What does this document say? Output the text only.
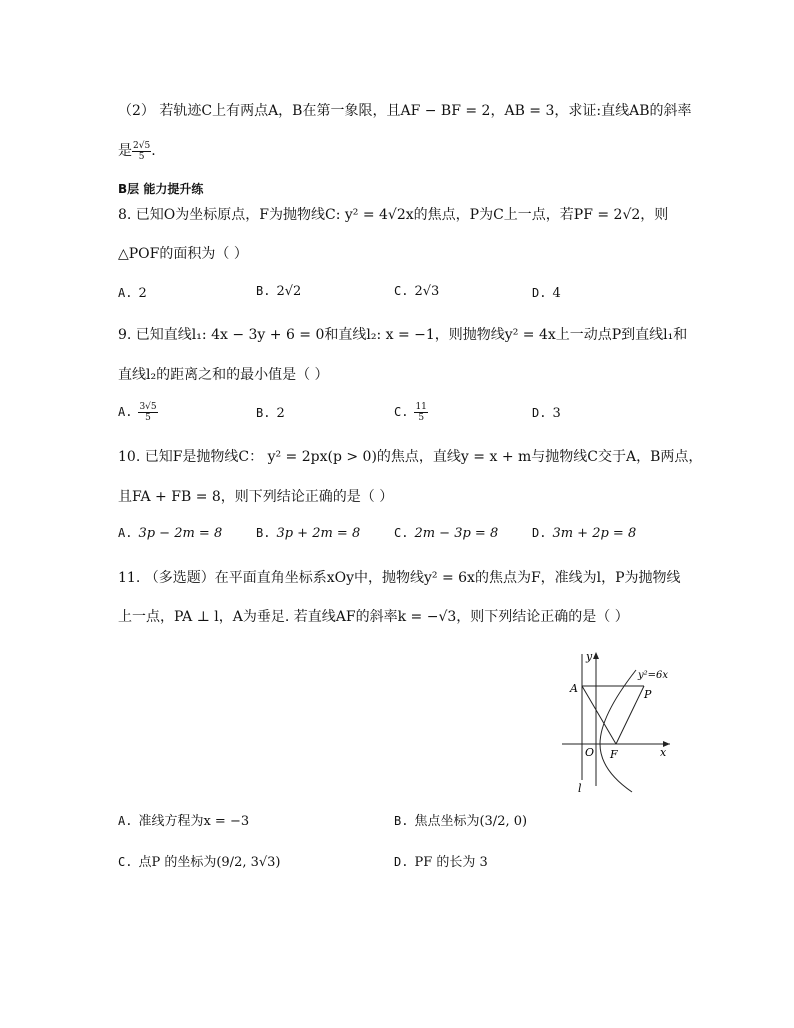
（2） 若轨迹C上有两点A，B在第一象限，且AF − BF = 2，AB = 3，求证:直线AB的斜率
是 $\frac{2√5}{5}$ .
B层 能力提升练
8. 已知O为坐标原点，F为抛物线C: y² = 4√2x的焦点，P为C上一点，若PF = 2√2，则
△POF的面积为（ ）
A. 2	B. 2√2	C. 2√3	D. 4
9. 已知直线l₁: 4x − 3y + 6 = 0和直线l₂: x = −1，则抛物线y² = 4x上一动点P到直线l₁和
直线l₂的距离之和的最小值是（ ）
A. $\frac{3√5}{5}$	B. 2	C. $\frac{11}{5}$	D. 3
10. 已知F是抛物线C： y² = 2px(p > 0)的焦点，直线y = x + m与抛物线C交于A，B两点，
且FA + FB = 8，则下列结论正确的是（ ）
A. 3p − 2m = 8	B. 3p + 2m = 8	C. 2m − 3p = 8	D. 3m + 2p = 8
11. （多选题）在平面直角坐标系xOy中，抛物线y² = 6x的焦点为F，准线为l，P为抛物线
上一点，PA ⊥ l，A为垂足. 若直线AF的斜率k = −√3，则下列结论正确的是（ ）
y
x
y²=6x
A	P
O F
l
A. 准线方程为x = −3	B. 焦点坐标为(3/2, 0)
C. 点P 的坐标为(9/2, 3√3)	D. PF 的长为 3
